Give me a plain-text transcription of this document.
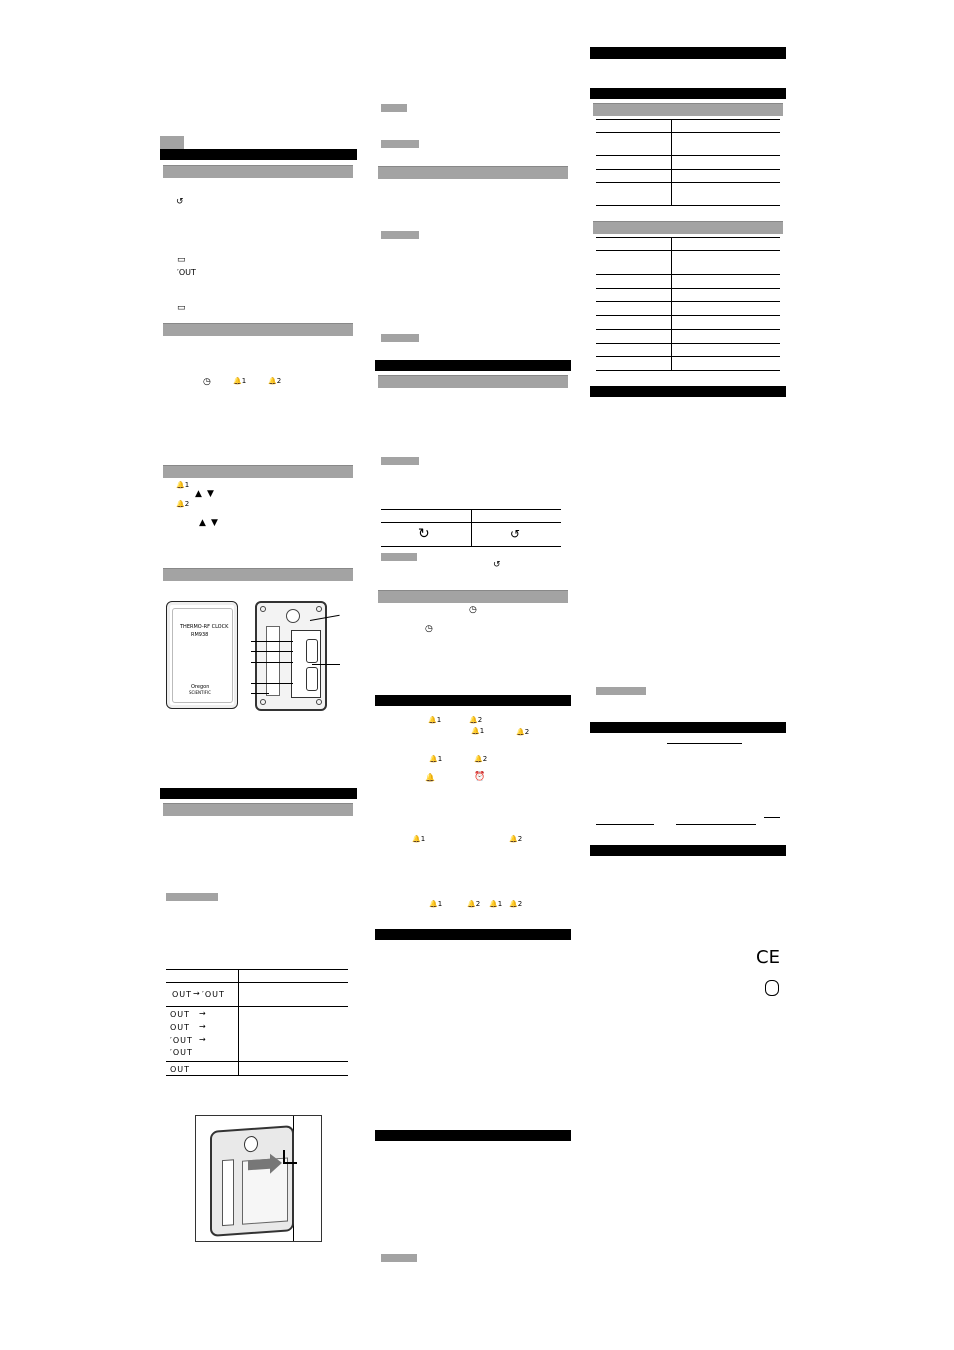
↺
▭
′OUT
▭
◷	🔔1	🔔2
🔔1
▲ ▼
🔔2
▲ ▼
THERMO-RF CLOCK
RM938
Oregon
SCIENTIFIC
OUT → ′OUT
OUT →
OUT →
′OUT →
′OUT
OUT
↻	↺
↺
◷
◷
🔔1	🔔2
🔔1	🔔2
🔔1	🔔2
🔔	⏰
🔔1	🔔2
🔔1	🔔2 🔔1 🔔2
CE
